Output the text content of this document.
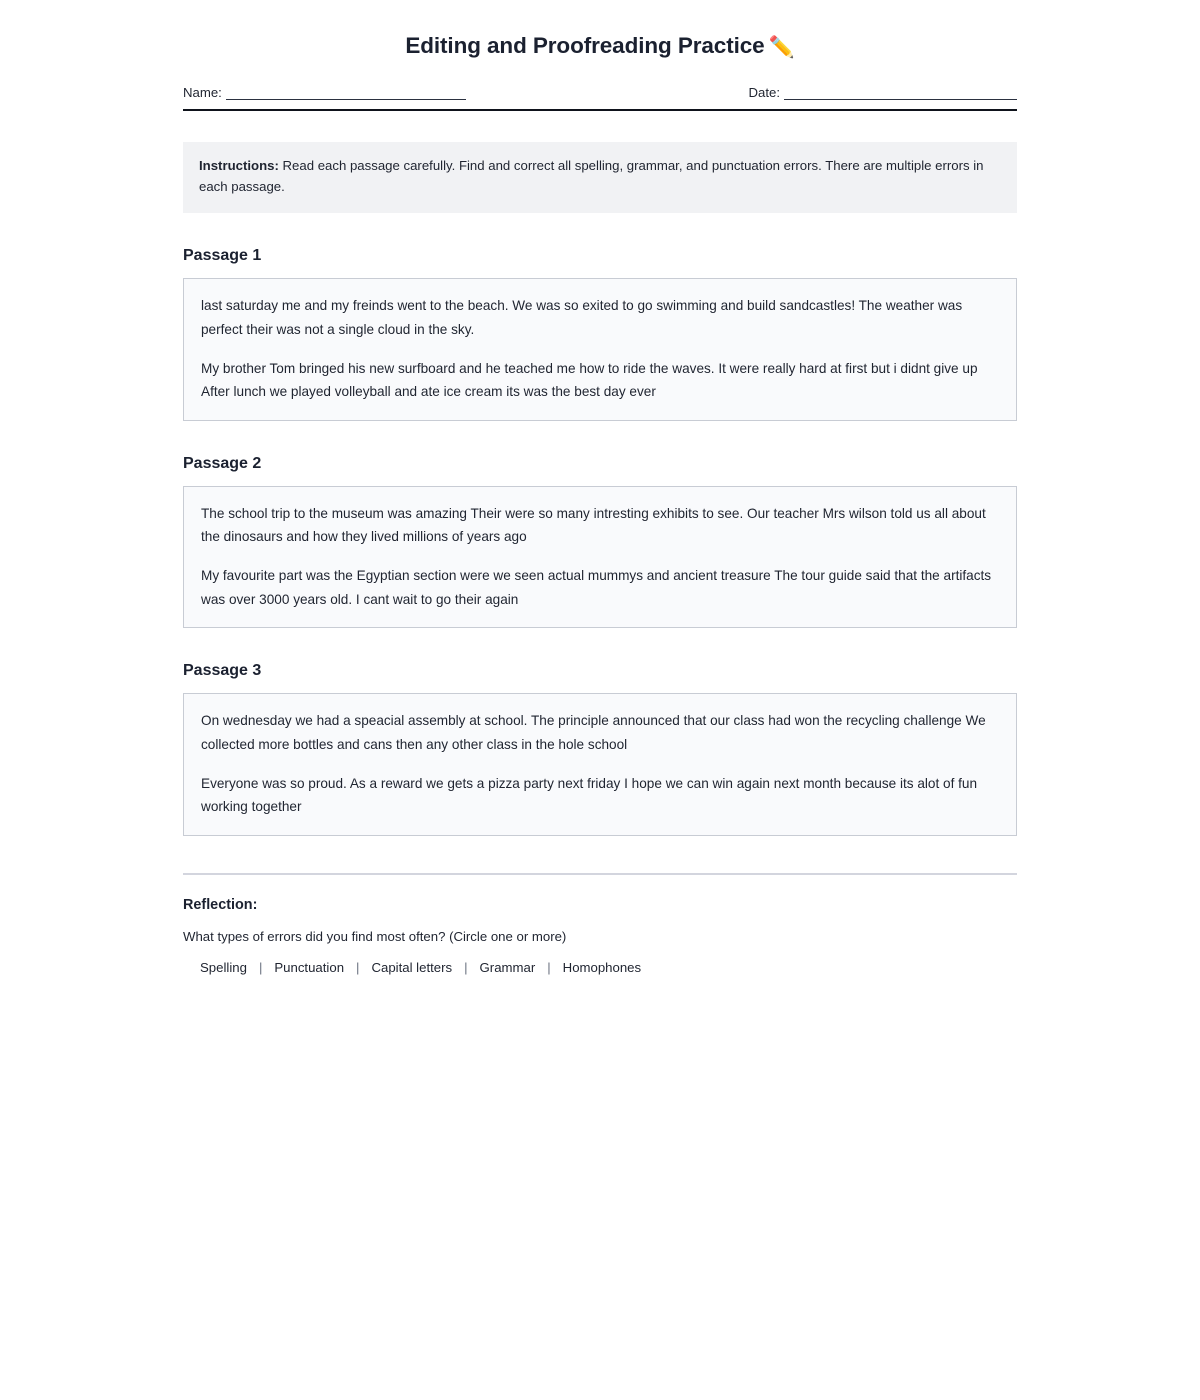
Editing and Proofreading Practice ✏️
Name:	Date:
Instructions: Read each passage carefully. Find and correct all spelling, grammar, and punctuation errors. There are multiple errors in each passage.
Passage 1

last saturday me and my freinds went to the beach. We was so exited to go swimming and build sandcastles! The weather was perfect their was not a single cloud in the sky.

My brother Tom bringed his new surfboard and he teached me how to ride the waves. It were really hard at first but i didnt give up After lunch we played volleyball and ate ice cream its was the best day ever

Passage 2

The school trip to the museum was amazing Their were so many intresting exhibits to see. Our teacher Mrs wilson told us all about the dinosaurs and how they lived millions of years ago

My favourite part was the Egyptian section were we seen actual mummys and ancient treasure The tour guide said that the artifacts was over 3000 years old. I cant wait to go their again

Passage 3

On wednesday we had a speacial assembly at school. The principle announced that our class had won the recycling challenge We collected more bottles and cans then any other class in the hole school

Everyone was so proud. As a reward we gets a pizza party next friday I hope we can win again next month because its alot of fun working together

Reflection:

What types of errors did you find most often? (Circle one or more)

Spelling | Punctuation | Capital letters | Grammar | Homophones
